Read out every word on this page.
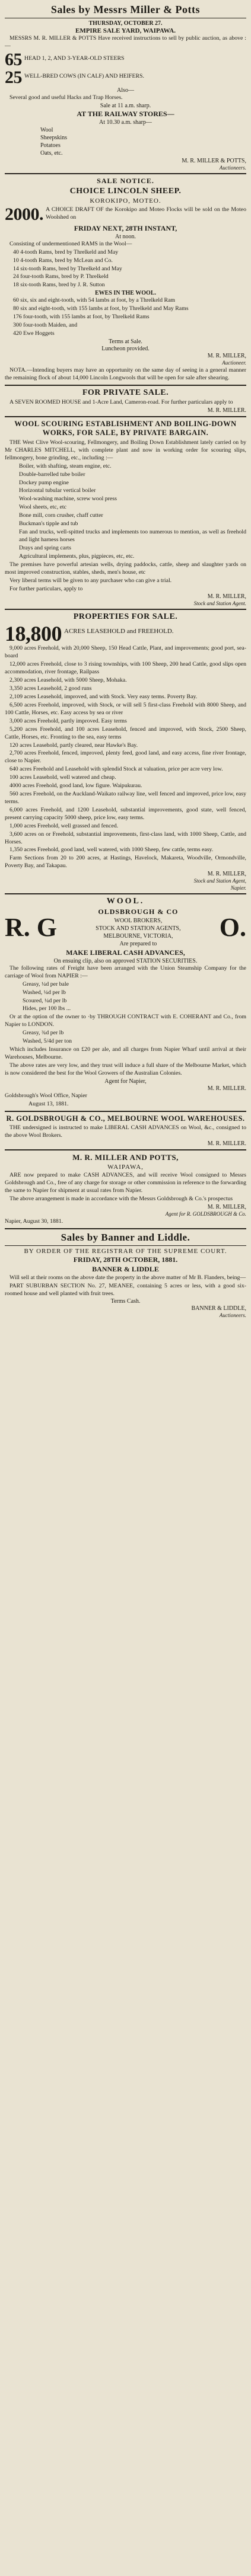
Sales by Messrs Miller & Potts
THURSDAY, OCTOBER 27.
EMPIRE SALE YARD, WAIPAWA.
MESSRS M. R. MILLER & POTTS Have received instructions to sell by public auction, as above :—
65 HEAD 1, 2, AND 3-YEAR-OLD STEERS
25 WELL-BRED COWS (IN CALF) AND HEIFERS.
Also—
Several good and useful Hacks and Trap Horses.
Sale at 11 a.m. sharp.
AT THE RAILWAY STORES—
At 10.30 a.m. sharp—
Wool
Sheepskins
Potatoes
Oats, etc.
M. R. MILLER & POTTS,
Auctioneers.
SALE NOTICE.
CHOICE LINCOLN SHEEP.
KOROKIPO, MOTEO.
2000. A CHOICE DRAFT OF the Korokipo and Moteo Flocks will be sold on the Moteo Woolshed on
FRIDAY NEXT, 28TH INSTANT,
At noon.
Consisting of undermentioned RAMS in the Wool—
40 4-tooth Rams, bred by Threlkeld and May
10 4-tooth Rams, bred by McLean and Co.
14 six-tooth Rams, bred by Threlkeld and May
24 four-tooth Rams, bred by P. Threlkeld
18 six-tooth Rams, bred by J. R. Sutton
EWES IN THE WOOL.
60 six, six and eight-tooth, with 54 lambs at foot, by a Threlkeld Ram
80 six and eight-tooth, with 155 lambs at foot, by Threlkeld and May Rams
176 four-tooth, with 155 lambs at foot, by Threlkeld Rams
300 four-tooth Maiden, and
420 Ewe Hoggets
Terms at Sale.
Luncheon provided.
M. R. MILLER,
Auctioneer.
NOTA.—Intending buyers may have an opportunity on the same day of seeing in a general manner the remaining flock of about 14,000 Lincoln Longwools that will be open for sale after shearing.
FOR PRIVATE SALE.
A SEVEN ROOMED HOUSE and 1-Acre Land, Cameron-road. For further particulars apply to
M. R. MILLER.
WOOL SCOURING ESTABLISHMENT AND BOILING-DOWN WORKS, FOR SALE, BY PRIVATE BARGAIN.
THE West Clive Wool-scouring, Fellmongery, and Boiling Down Establishment lately carried on by Mr CHARLES MITCHELL, with complete plant and now in working order for scouring slips, fellmongery, bone grinding, etc., including :—
Boiler, with shafting, steam engine, etc.
Double-barrelled tube boiler
Dockey pump engine
Horizontal tubular vertical boiler
Wool-washing machine, screw wool press
Wool sheets, etc, etc
Bone mill, corn crusher, chaff cutter
Buckman's tipple and tub
Fan and trucks, well-spitted trucks and implements too numerous to mention, as well as freehold and light harness horses
Drays and spring carts
Agricultural implements, plus, pigpieces, etc, etc.
The premises have powerful artesian wells, drying paddocks, cattle, sheep and slaughter yards on most improved construction, stables, sheds, men's house, etc
Very liberal terms will be given to any purchaser who can give a trial.
For further particulars, apply to
M. R. MILLER,
Stock and Station Agent.
PROPERTIES FOR SALE.
18,800 ACRES LEASEHOLD and FREEHOLD.
9,000 acres Freehold, with 20,000 Sheep, 150 Head Cattle, Plant, and improvements; good port, sea-board
12,000 acres Freehold, close to 3 rising townships, with 100 Sheep, 200 head Cattle, good slips open accommodation, river frontage, Railpass
2,300 acres Leasehold, with 5000 Sheep, Mohaka.
3,350 acres Leasehold, 2 good runs
2,109 acres Leasehold, improved, and with Stock. Very easy terms. Poverty Bay.
6,500 acres Freehold, improved, with Stock, or will sell 5 first-class Freehold with 8000 Sheep, and 100 Cattle, Horses, etc. Easy access by sea or river
3,000 acres Freehold, partly improved. Easy terms
5,200 acres Freehold, and 100 acres Leasehold, fenced and improved, with Stock, 2500 Sheep, Cattle, Horses, etc. Fronting to the sea, easy terms
120 acres Leasehold, partly cleared, near Hawke's Bay.
2,700 acres Freehold, fenced, improved, plenty feed, good land, and easy access, fine river frontage, close to Napier.
640 acres Freehold and Leasehold with splendid Stock at valuation, price per acre very low.
100 acres Leasehold, well watered and cheap.
4000 acres Freehold, good land, low figure. Waipukurau.
560 acres Freehold, on the Auckland-Waikato railway line, well fenced and improved, price low, easy terms.
6,000 acres Freehold, and 1200 Leasehold, substantial improvements, good state, well fenced, present carrying capacity 5000 sheep, price low, easy terms.
1,000 acres Freehold, well grassed and fenced.
3,600 acres on or Freehold, substantial improvements, first-class land, with 1000 Sheep, Cattle, and Horses.
1,350 acres Freehold, good land, well watered, with 1000 Sheep, few cattle, terms easy.
Farm Sections from 20 to 200 acres, at Hastings, Havelock, Makareta, Woodville, Ormondville, Poverty Bay, and Takapau.
M. R. MILLER,
Stock and Station Agent,
Napier.
WOOL.
R. G
OLDSBROUGH & CO
WOOL BROKERS,
STOCK AND STATION AGENTS,
MELBOURNE, VICTORIA,
Are prepared to
O.
MAKE LIBERAL CASH ADVANCES,
On ensuing clip, also on approved STATION SECURITIES.
The following rates of Freight have been arranged with the Union Steamship Company for the carriage of Wool from NAPIER :—
Greasy, ¼d per bale
Washed, ¼d per lb
Scoured, ¼d per lb
Hides, per 100 lbs ...
Or at the option of the owner to ·by THROUGH CONTRACT with E. COHERANT and Co., from Napier to LONDON.
Greasy, ¾d per lb
Washed, 5/4d per ton
Which includes Insurance on £20 per ale, and all charges from Napier Wharf until arrival at their Warehouses, Melbourne.
The above rates are very low, and they trust will induce a full share of the Melbourne Market, which is now considered the best for the Wool Growers of the Australian Colonies.
Agent for Napier,
M. R. MILLER.
Goldsbrough's Wool Office, Napier
August 13, 1881.
R. GOLDSBROUGH & CO., MELBOURNE WOOL WAREHOUSES.
THE undersigned is instructed to make LIBERAL CASH ADVANCES on Wool, &c., consigned to the above Wool Brokers.
M. R. MILLER.
M. R. MILLER AND POTTS,
WAIPAWA,
ARE now prepared to make CASH ADVANCES, and will receive Wool consigned to Messrs Goldsbrough and Co., free of any charge for storage or other commission in reference to the forwarding the same to Napier for shipment at usual rates from Napier.
The above arrangement is made in accordance with the Messrs Goldsbrough & Co.'s prospectus
M. R. MILLER,
Agent for R. GOLDSBROUGH & Co.
Napier, August 30, 1881.
Sales by Banner and Liddle.
BY ORDER OF THE REGISTRAR OF THE SUPREME COURT.
FRIDAY, 28TH OCTOBER, 1881.
BANNER & LIDDLE
Will sell at their rooms on the above date the property in the above matter of Mr B. Flanders, being—
PART SUBURBAN SECTION No. 27, MEANEE, containing 5 acres or less, with a good six-roomed house and well planted with fruit trees.
Terms Cash.
BANNER & LIDDLE,
Auctioneers.
